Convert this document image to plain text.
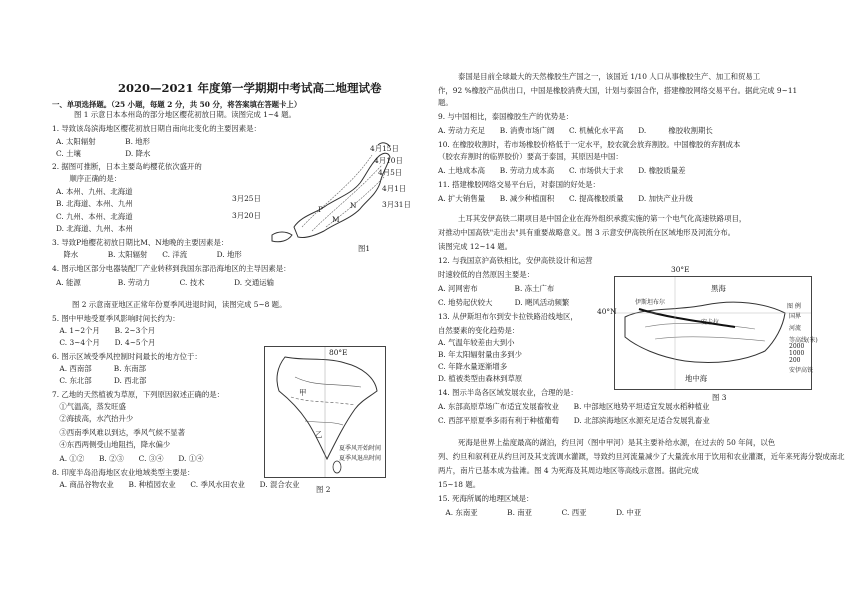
2020—2021 年度第一学期期中考试高二地理试卷
一、单项选择题。（25 小题，每题 2 分，共 50 分，将答案填在答题卡上）
图 1 示意日本本州岛的部分地区樱花初放日期。读图完成 1~4 题。
1. 导致该岛滨海地区樱花初放日期自南向北变化的主要因素是：
A. 太阳辐射　　　　B. 地形
C. 土壤　　　　　　D. 降水
2. 据图可推断，日本主要岛屿樱花依次盛开的
　顺序正确的是：
A. 本州、九州、北海道
B. 北海道、本州、九州
C. 九州、本州、北海道
D. 北海道、九州、本州
3. 导致P地樱花初放日期比M、N地晚的主要因素是：
　降水　　　　B. 太阳辐射　　C. 洋流　　　　D. 地形
4. 图示地区部分电器装配厂产业转移到我国东部沿海地区的主导因素是：
A. 能源　　　　　B. 劳动力　　　　C. 技术　　　　D. 交通运输
图 2 示意南亚地区正常年份夏季风进退时间，读图完成 5~8 题。
5. 图中甲地受夏季风影响时间长约为：
　A. 1~2个月　　B. 2~3个月
　C. 3~4个月　　D. 4~5个月
6. 图示区域受季风控制时间最长的地方位于：
　A. 西南部　　　B. 东南部
　C. 东北部　　　D. 西北部
7. 乙地的天然植被为草原，下列原因叙述正确的是：
　①气温高，蒸发旺盛
　②海拔高，水汽抬升少
　③西南季风难以到达，季风气候不显著
　④东西两侧受山地阻挡，降水偏少
　A. ①②　　B. ②③　　C. ③④　　D. ①④
8. 印度半岛沿海地区农业地域类型主要是：
　A. 商品谷物农业　　B. 种植园农业　　C. 季风水田农业　　D. 混合农业
4月15日
4月10日
4月5日
4月1日
3月20日
3月31日
3月25日
N
M
P
图1
80°E
甲
乙
夏季风开始时间
夏季风退出时间
图 2
泰国是目前全球最大的天然橡胶生产国之一，该国近 1/10 人口从事橡胶生产、加工和贸易工
作，92 %橡胶产品供出口，中国是橡胶消费大国，计划与泰国合作，搭建橡胶网络交易平台。据此完成 9~11
题。
9. 与中国相比，泰国橡胶生产的优势是：
A. 劳动力充足　　B. 消费市场广阔　　C. 机械化水平高　　D.　　　橡胶收割期长
10. 在橡胶收割时，若市场橡胶价格低于一定水平，胶农就会放弃割胶。中国橡胶的弃割成本
（胶农弃割时的临界胶价）要高于泰国，其原因是中国：
A. 土地成本高　　B. 劳动力成本高　　C. 市场供大于求　　D. 橡胶质量差
11. 搭建橡胶网络交易平台后，对泰国的好处是：
A. 扩大销售量　　B. 减少种植面积　　C. 提高橡胶质量　　D. 加快产业升级
土耳其安伊高铁二期项目是中国企业在海外组织承揽实施的第一个电气化高速铁路项目，
对推动中国高铁"走出去"具有重要战略意义。图 3 示意安伊高铁所在区域地形及河流分布。
读图完成 12~14 题。
12. 与我国京沪高铁相比，安伊高铁设计和运营
时速较低的自然原因主要是：
A. 河网密布　　　　　B. 冻土广布
C. 地势起伏较大　　　D. 飓风活动频繁
13. 从伊斯坦布尔到安卡拉铁路沿线地区，
自然要素的变化趋势是：
A. 气温年较差由大到小
B. 年太阳辐射量由多到少
C. 年降水量逐渐增多
D. 植被类型由森林到草原
14. 图示半岛各区域发展农业，合理的是：
A. 东部高原草场广布适宜发展畜牧业　　B. 中部地区地势平坦适宜发展水稻种植业
C. 西部平原夏季多雨有利于种植葡萄　　D. 北部滨海地区水源充足适合发展乳畜业
死海是世界上盐度最高的湖泊，约旦河（图中甲河）是其主要补给水源，在过去的 50 年间，以色
列、约旦和叙利亚从约旦河及其支流调水灌溉，导致约旦河流量减少了大量流水用于饮用和农业灌溉，近年来死海分裂成南北
两片，南片已基本成为盐滩。图 4 为死海及其周边地区等高线示意图。据此完成
15~18 题。
15. 死海所属的地理区域是：
　A. 东南亚　　　　B. 南亚　　　　C. 西亚　　　　D. 中亚
30°E
40°N
黑海
伊斯坦布尔
安卡拉
地中海
图 例
国界
河流
等高线(米)
2000
1000
200
安伊高铁
图 3
